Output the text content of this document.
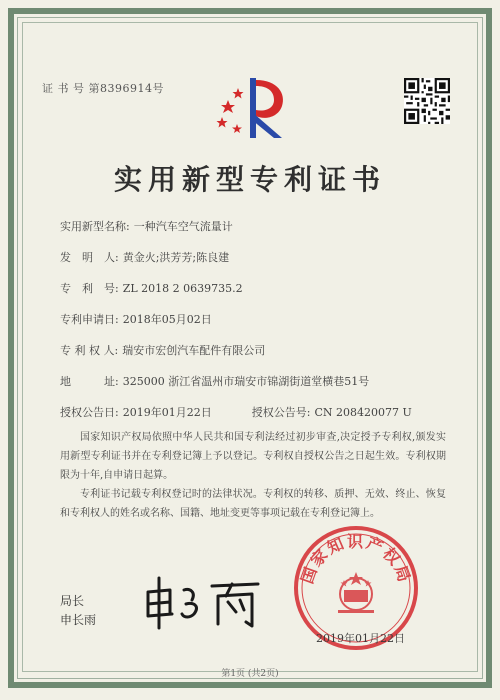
证 书 号 第8396914号
实用新型专利证书
实用新型名称: 一种汽车空气流量计
发　明　人: 黄金火;洪芳芳;陈良建
专　利　号: ZL 2018 2 0639735.2
专利申请日: 2018年05月02日
专 利 权 人: 瑞安市宏创汽车配件有限公司
地　　　址: 325000 浙江省温州市瑞安市锦湖街道堂横巷51号
授权公告日: 2019年01月22日	授权公告号: CN 208420077 U

国家知识产权局依照中华人民共和国专利法经过初步审查,决定授予专利权,颁发实用新型专利证书并在专利登记簿上予以登记。专利权自授权公告之日起生效。专利权期限为十年,自申请日起算。

专利证书记载专利权登记时的法律状况。专利权的转移、质押、无效、终止、恢复和专利权人的姓名或名称、国籍、地址变更等事项记载在专利登记簿上。

局长
申长雨
国家知识产权局
2019年01月22日
第1页 (共2页)
